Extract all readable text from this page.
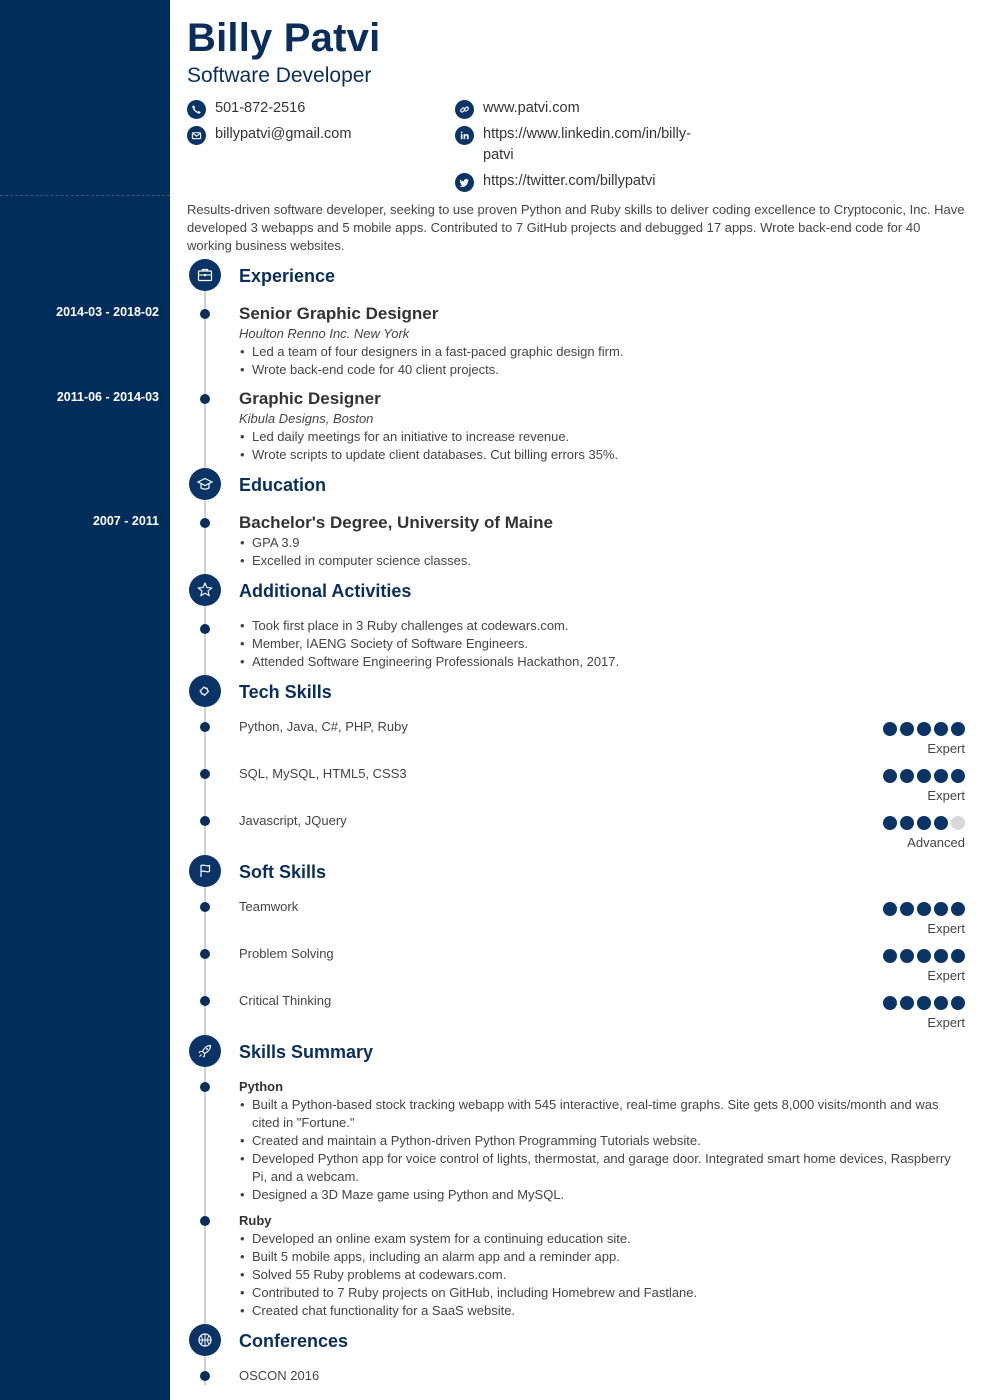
2014-03 - 2018-02
2011-06 - 2014-03
2007 - 2011
Billy Patvi
Software Developer
501-872-2516
billypatvi@gmail.com
www.patvi.com
https://www.linkedin.com/in/billy-
patvi
https://twitter.com/billypatvi
Results-driven software developer, seeking to use proven Python and Ruby skills to deliver coding excellence to Cryptoconic, Inc. Have developed 3 webapps and 5 mobile apps. Contributed to 7 GitHub projects and debugged 17 apps. Wrote back-end code for 40 working business websites.
Experience
Senior Graphic Designer
Houlton Renno Inc. New York
• Led a team of four designers in a fast-paced graphic design firm.
• Wrote back-end code for 40 client projects.
Graphic Designer
Kibula Designs, Boston
• Led daily meetings for an initiative to increase revenue.
• Wrote scripts to update client databases. Cut billing errors 35%.
Education
Bachelor's Degree, University of Maine
• GPA 3.9
• Excelled in computer science classes.
Additional Activities
• Took first place in 3 Ruby challenges at codewars.com.
• Member, IAENG Society of Software Engineers.
• Attended Software Engineering Professionals Hackathon, 2017.
Tech Skills
Python, Java, C#, PHP, Ruby
Expert
SQL, MySQL, HTML5, CSS3
Expert
Javascript, JQuery
Advanced
Soft Skills
Teamwork
Expert
Problem Solving
Expert
Critical Thinking
Expert
Skills Summary
Python
• Built a Python-based stock tracking webapp with 545 interactive, real-time graphs. Site gets 8,000 visits/month and was cited in "Fortune."
• Created and maintain a Python-driven Python Programming Tutorials website.
• Developed Python app for voice control of lights, thermostat, and garage door. Integrated smart home devices, Raspberry Pi, and a webcam.
• Designed a 3D Maze game using Python and MySQL.
Ruby
• Developed an online exam system for a continuing education site.
• Built 5 mobile apps, including an alarm app and a reminder app.
• Solved 55 Ruby problems at codewars.com.
• Contributed to 7 Ruby projects on GitHub, including Homebrew and Fastlane.
• Created chat functionality for a SaaS website.
Conferences
OSCON 2016
